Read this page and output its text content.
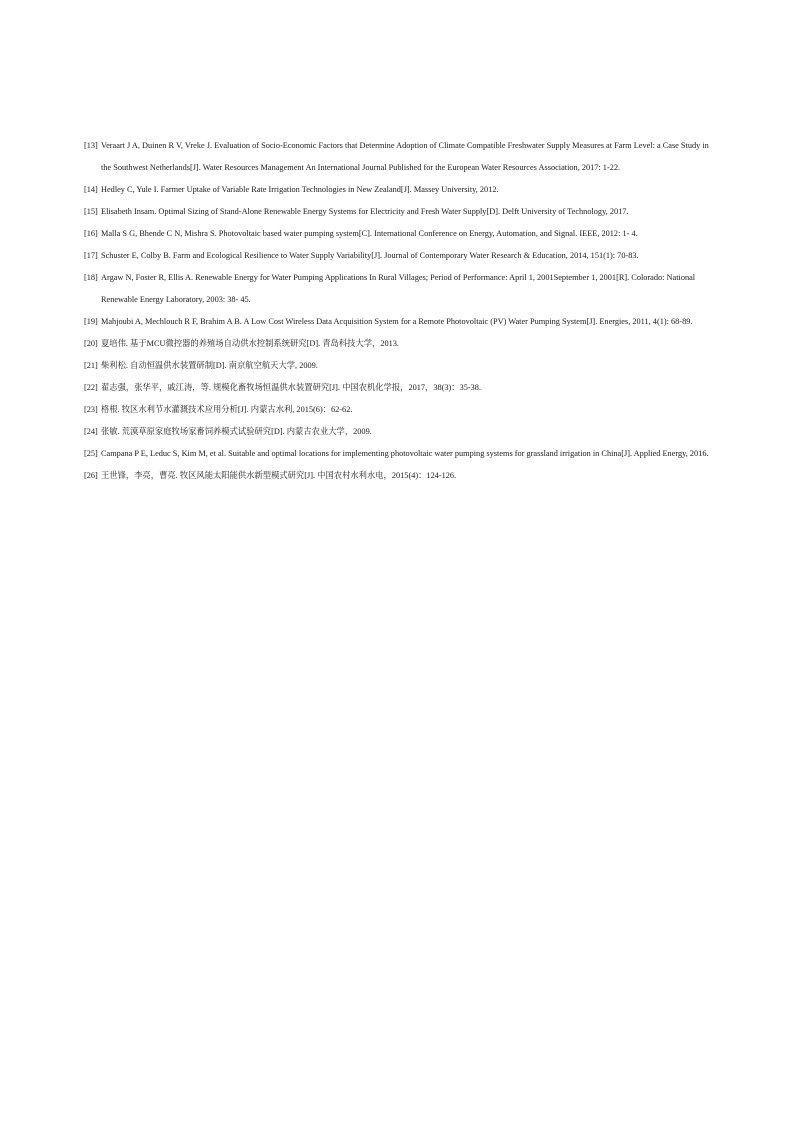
[13] Veraart J A, Duinen R V, Vreke J. Evaluation of Socio-Economic Factors that Determine Adoption of Climate Compatible Freshwater Supply Measures at Farm Level: a Case Study in the Southwest Netherlands[J]. Water Resources Management An International Journal Published for the European Water Resources Association, 2017: 1-22.
[14] Hedley C, Yule I. Farmer Uptake of Variable Rate Irrigation Technologies in New Zealand[J]. Massey University, 2012.
[15] Elisabeth Insam. Optimal Sizing of Stand-Alone Renewable Energy Systems for Electricity and Fresh Water Supply[D]. Delft University of Technology, 2017.
[16] Malla S G, Bhende C N, Mishra S. Photovoltaic based water pumping system[C]. International Conference on Energy, Automation, and Signal. IEEE, 2012: 1- 4.
[17] Schuster E, Colby B. Farm and Ecological Resilience to Water Supply Variability[J]. Journal of Contemporary Water Research & Education, 2014, 151(1): 70-83.
[18] Argaw N, Foster R, Ellis A. Renewable Energy for Water Pumping Applications In Rural Villages; Period of Performance: April 1, 2001September 1, 2001[R]. Colorado: National Renewable Energy Laboratory, 2003: 38- 45.
[19] Mahjoubi A, Mechlouch R F, Brahim A B. A Low Cost Wireless Data Acquisition System for a Remote Photovoltaic (PV) Water Pumping System[J]. Energies, 2011, 4(1): 68-89.
[20] 夏培伟. 基于MCU微控器的养殖场自动供水控制系统研究[D]. 青岛科技大学，2013.
[21] 柴利松. 自动恒温供水装置研制[D]. 南京航空航天大学, 2009.
[22] 翟志强，张华平，戚江涛，等. 规模化畜牧场恒温供水装置研究[J]. 中国农机化学报，2017，38(3)：35-38.
[23] 格根. 牧区水利节水灌溉技术应用分析[J]. 内蒙古水利, 2015(6)：62-62.
[24] 张敏. 荒漠草原家庭牧场家畜饲养模式试验研究[D]. 内蒙古农业大学，2009.
[25] Campana P E, Leduc S, Kim M, et al. Suitable and optimal locations for implementing photovoltaic water pumping systems for grassland irrigation in China[J]. Applied Energy, 2016.
[26] 王世锋，李亮，曹亮. 牧区风能太阳能供水新型模式研究[J]. 中国农村水利水电，2015(4)：124-126.
